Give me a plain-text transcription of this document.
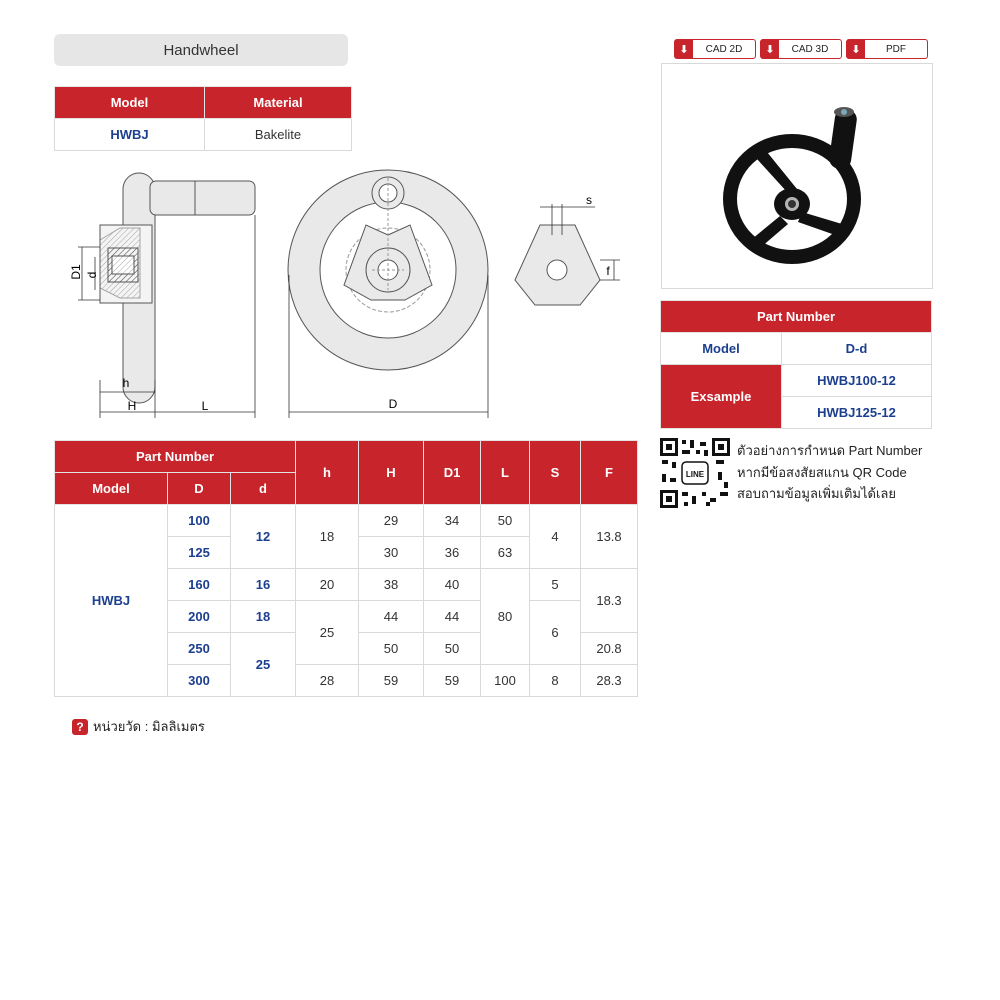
Handwheel
Model	Material
HWBJ	Bakelite
⬇	CAD 2D	⬇	CAD 3D	⬇	PDF
D1 d
h
H	L	D
s
f
Part Number	
Model	D-d
Exsample	HWBJ100-12
	HWBJ125-12
LINE
ตัวอย่างการกำหนด Part Number
หากมีข้อสงสัยสแกน QR Code
สอบถามข้อมูลเพิ่มเติมได้เลย
Part Number			h	H	D1	L	S	F
Model	D	d						
HWBJ	100	12	18	29	34	50	4	13.8
	125			30	36	63		
	160	16	20	38	40	80	5	18.3
	200	18	25	44	44		6	
	250	25		50	50			20.8
	300		28	59	59	100	8	28.3
? หน่วยวัด : มิลลิเมตร
